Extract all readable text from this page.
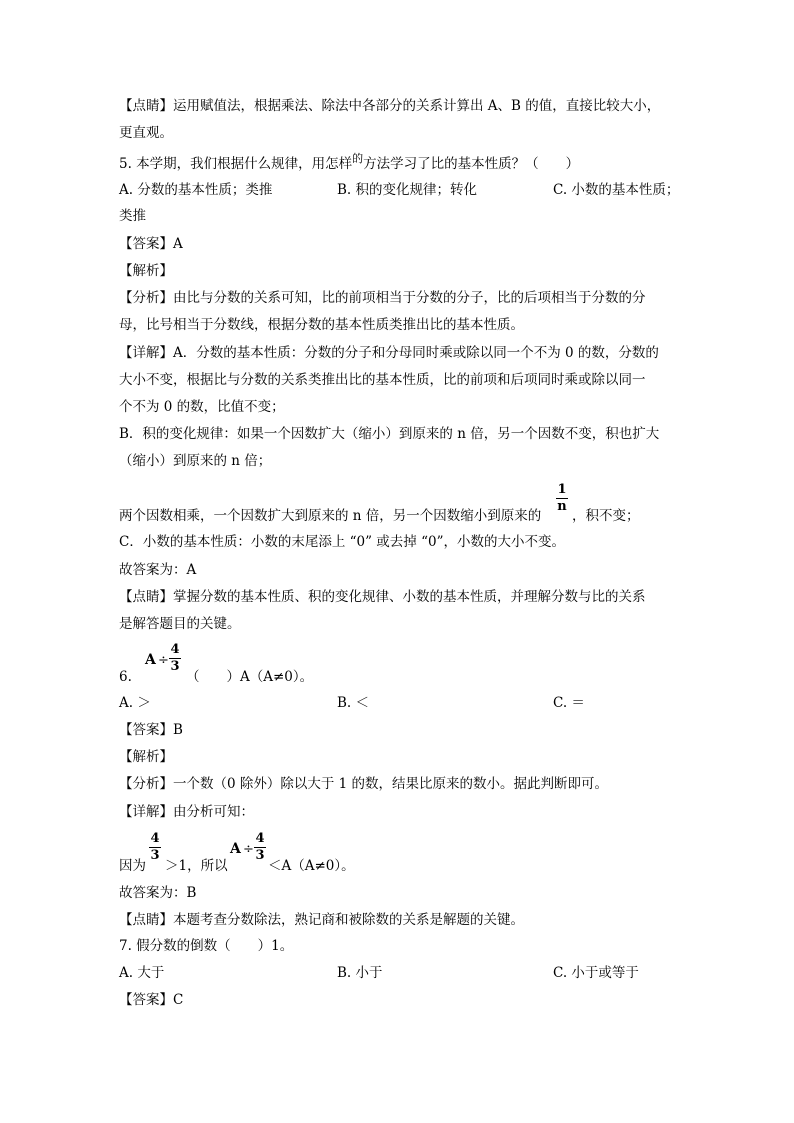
【点睛】运用赋值法，根据乘法、除法中各部分的关系计算出 A、B 的值，直接比较大小，
更直观。
5. 本学期，我们根据什么规律，用怎样$^的$方法学习了比的基本性质？（　　）
A. 分数的基本性质；类推	B. 积的变化规律；转化	C. 小数的基本性质；
类推
【答案】A
【解析】
【分析】由比与分数的关系可知，比的前项相当于分数的分子，比的后项相当于分数的分
母，比号相当于分数线，根据分数的基本性质类推出比的基本性质。
【详解】A．分数的基本性质：分数的分子和分母同时乘或除以同一个不为 0 的数，分数的
大小不变，根据比与分数的关系类推出比的基本性质，比的前项和后项同时乘或除以同一
个不为 0 的数，比值不变；
B．积的变化规律：如果一个因数扩大（缩小）到原来的 n 倍，另一个因数不变，积也扩大
（缩小）到原来的 n 倍；
两个因数相乘，一个因数扩大到原来的 n 倍，另一个因数缩小到原来的
1
n
，积不变；
C．小数的基本性质：小数的末尾添上 “0” 或去掉 “0”，小数的大小不变。
故答案为：A
【点睛】掌握分数的基本性质、积的变化规律、小数的基本性质，并理解分数与比的关系
是解答题目的关键。
6.
A ÷
4
3
（　　）A（A≠0）。
A. ＞	B. ＜	C. ＝
【答案】B
【解析】
【分析】一个数（0 除外）除以大于 1 的数，结果比原来的数小。据此判断即可。
【详解】由分析可知：
因为
4
3
＞1，所以
A ÷
4
3
＜A（A≠0）。
故答案为：B
【点睛】本题考查分数除法，熟记商和被除数的关系是解题的关键。
7. 假分数的倒数（　　）1。
A. 大于	B. 小于	C. 小于或等于
【答案】C
